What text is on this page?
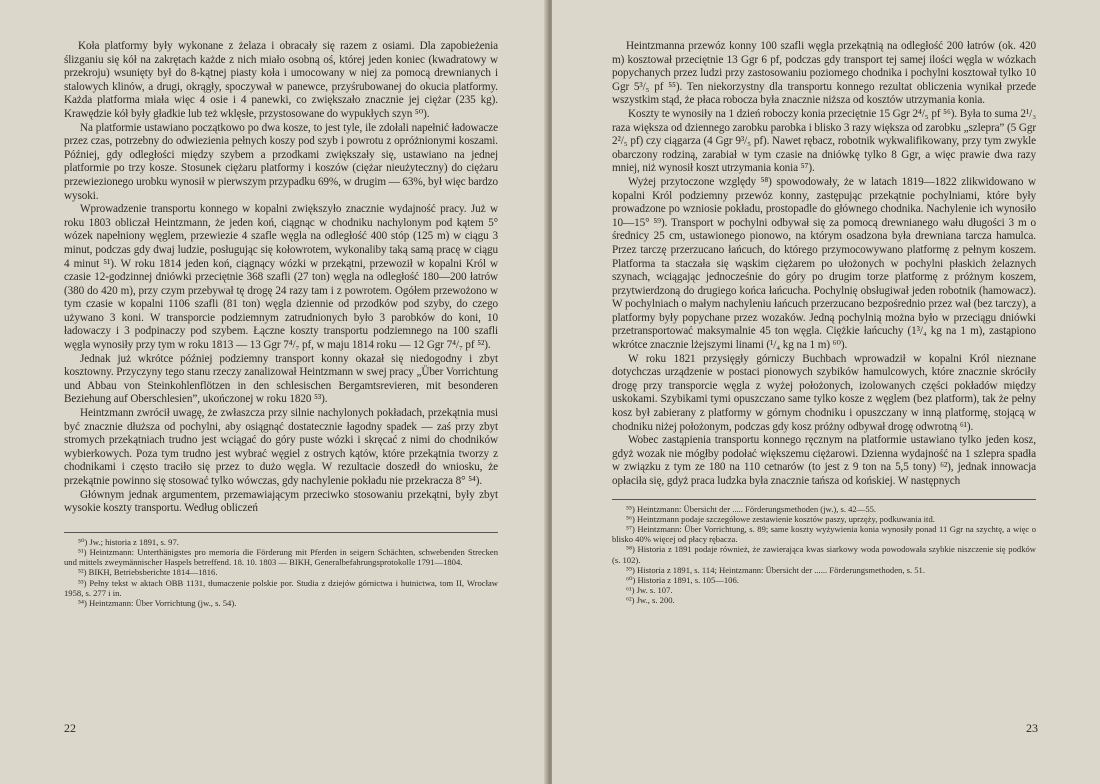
Koła platformy były wykonane z żelaza i obracały się razem z osiami. Dla zapobieżenia ślizganiu się kół na zakrętach każde z nich miało osobną oś, której jeden koniec (kwadratowy w przekroju) wsunięty był do 8-kątnej piasty koła i umocowany w niej za pomocą drewnianych i stalowych klinów, a drugi, okrągły, spoczywał w panewce, przyśrubowanej do okucia platformy. Każda platforma miała więc 4 osie i 4 panewki, co zwiększało znacznie jej ciężar (235 kg). Krawędzie kół były gładkie lub też wklęsłe, przystosowane do wypukłych szyn ⁵⁰).

Na platformie ustawiano początkowo po dwa kosze, to jest tyle, ile zdołali napełnić ładowacze przez czas, potrzebny do odwiezienia pełnych koszy pod szyb i powrotu z opróżnionymi koszami. Później, gdy odległości między szybem a przodkami zwiększały się, ustawiano na jednej platformie po trzy kosze. Stosunek ciężaru platformy i koszów (ciężar nieużyteczny) do ciężaru przewiezionego urobku wynosił w pierwszym przypadku 69%, w drugim — 63%, był więc bardzo wysoki.

Wprowadzenie transportu konnego w kopalni zwiększyło znacznie wydajność pracy. Już w roku 1803 obliczał Heintzmann, że jeden koń, ciągnąc w chodniku nachylonym pod kątem 5° wózek napełniony węglem, przewiezie 4 szafle węgla na odległość 400 stóp (125 m) w ciągu 3 minut, podczas gdy dwaj ludzie, posługując się kołowrotem, wykonaliby taką samą pracę w ciągu 4 minut ⁵¹). W roku 1814 jeden koń, ciągnący wózki w przekątni, przewoził w kopalni Król w czasie 12-godzinnej dniówki przeciętnie 368 szafli (27 ton) węgla na odległość 180—200 łatrów (380 do 420 m), przy czym przebywał tę drogę 24 razy tam i z powrotem. Ogółem przewożono w tym czasie w kopalni 1106 szafli (81 ton) węgla dziennie od przodków pod szyby, do czego używano 3 koni. W transporcie podziemnym zatrudnionych było 3 parobków do koni, 10 ładowaczy i 3 podpinaczy pod szybem. Łączne koszty transportu podziemnego na 100 szafli węgla wynosiły przy tym w roku 1813 — 13 Ggr 7⁴/₇ pf, w maju 1814 roku — 12 Ggr 7⁴/₇ pf ⁵²).

Jednak już wkrótce później podziemny transport konny okazał się niedogodny i zbyt kosztowny. Przyczyny tego stanu rzeczy zanalizował Heintzmann w swej pracy „Über Vorrichtung und Abbau von Steinkohlenflötzen in den schlesischen Bergamtsrevieren, mit besonderen Beziehung auf Oberschlesien”, ukończonej w roku 1820 ⁵³).

Heintzmann zwrócił uwagę, że zwłaszcza przy silnie nachylonych pokładach, przekątnia musi być znacznie dłuższa od pochylni, aby osiągnąć dostatecznie łagodny spadek — zaś przy zbyt stromych przekątniach trudno jest wciągać do góry puste wózki i skręcać z nimi do chodników wybierkowych. Poza tym trudno jest wybrać węgiel z ostrych kątów, które przekątnia tworzy z chodnikami i często traciło się przez to dużo węgla. W rezultacie doszedł do wniosku, że przekątnie powinno się stosować tylko wówczas, gdy nachylenie pokładu nie przekracza 8° ⁵⁴).

Głównym jednak argumentem, przemawiającym przeciwko stosowaniu przekątni, były zbyt wysokie koszty transportu. Według obliczeń

⁵⁰) Jw.; historia z 1891, s. 97.

⁵¹) Heintzmann: Unterthänigstes pro memoria die Förderung mit Pferden in seigern Schächten, schwebenden Strecken und mittels zweymännischer Haspels betreffend. 18. 10. 1803 — BIKH, Generalbefahrungsprotokolle 1791—1804.

⁵²) BIKH, Betriebsberichte 1814—1816.

⁵³) Pełny tekst w aktach OBB 1131, tłumaczenie polskie por. Studia z dziejów górnictwa i hutnictwa, tom II, Wrocław 1958, s. 277 i in.

⁵⁴) Heintzmann: Über Vorrichtung (jw., s. 54).

22

Heintzmanna przewóz konny 100 szafli węgla przekątnią na odległość 200 łatrów (ok. 420 m) kosztował przeciętnie 13 Ggr 6 pf, podczas gdy transport tej samej ilości węgla w wózkach popychanych przez ludzi przy zastosowaniu poziomego chodnika i pochylni kosztował tylko 10 Ggr 5³/₅ pf ⁵⁵). Ten niekorzystny dla transportu konnego rezultat obliczenia wynikał przede wszystkim stąd, że płaca robocza była znacznie niższa od kosztów utrzymania konia.

Koszty te wynosiły na 1 dzień roboczy konia przeciętnie 15 Ggr 2⁴/₅ pf ⁵⁶). Była to suma 2¹/₃ raza większa od dziennego zarobku parobka i blisko 3 razy większa od zarobku „szlepra” (5 Ggr 2²/₅ pf) czy ciągarza (4 Ggr 9³/₅ pf). Nawet rębacz, robotnik wykwalifikowany, przy tym zwykle obarczony rodziną, zarabiał w tym czasie na dniówkę tylko 8 Ggr, a więc prawie dwa razy mniej, niż wynosił koszt utrzymania konia ⁵⁷).

Wyżej przytoczone względy ⁵⁸) spowodowały, że w latach 1819—1822 zlikwidowano w kopalni Król podziemny przewóz konny, zastępując przekątnie pochylniami, które były prowadzone po wzniosie pokładu, prostopadle do głównego chodnika. Nachylenie ich wynosiło 10—15° ⁵⁹). Transport w pochylni odbywał się za pomocą drewnianego wału długości 3 m o średnicy 25 cm, ustawionego pionowo, na którym osadzona była drewniana tarcza hamulca. Przez tarczę przerzucano łańcuch, do którego przymocowywano platformę z pełnym koszem. Platforma ta staczała się wąskim ciężarem po ułożonych w pochylni płaskich żelaznych szynach, wciągając jednocześnie do góry po drugim torze platformę z próżnym koszem, przytwierdzoną do drugiego końca łańcucha. Pochylnię obsługiwał jeden robotnik (hamowacz). W pochylniach o małym nachyleniu łańcuch przerzucano bezpośrednio przez wał (bez tarczy), a platformy były popychane przez wozaków. Jedną pochylnią można było w przeciągu dniówki przetransportować maksymalnie 45 ton węgla. Ciężkie łańcuchy (1³/₄ kg na 1 m), zastąpiono wkrótce znacznie lżejszymi linami (¹/₄ kg na 1 m) ⁶⁰).

W roku 1821 przysięgły górniczy Buchbach wprowadził w kopalni Król nieznane dotychczas urządzenie w postaci pionowych szybików hamulcowych, które znacznie skróciły drogę przy transporcie węgla z wyżej położonych, izolowanych części pokładów między uskokami. Szybikami tymi opuszczano same tylko kosze z węglem (bez platform), tak że pełny kosz był zabierany z platformy w górnym chodniku i opuszczany w inną platformę, stojącą w chodniku niżej położonym, podczas gdy kosz próżny odbywał drogę odwrotną ⁶¹).

Wobec zastąpienia transportu konnego ręcznym na platformie ustawiano tylko jeden kosz, gdyż wozak nie mógłby podołać większemu ciężarowi. Dzienna wydajność na 1 szlepra spadła w związku z tym ze 180 na 110 cetnarów (to jest z 9 ton na 5,5 tony) ⁶²), jednak innowacja opłaciła się, gdyż praca ludzka była znacznie tańsza od końskiej. W następnych

⁵⁵) Heintzmann: Übersicht der ..... Förderungsmethoden (jw.), s. 42—55.

⁵⁶) Heintzmann podaje szczegółowe zestawienie kosztów paszy, uprzęży, podkuwania itd.

⁵⁷) Heintzmann: Über Vorrichtung, s. 89; same koszty wyżywienia konia wynosiły ponad 11 Ggr na szychtę, a więc o blisko 40% więcej od płacy rębacza.

⁵⁸) Historia z 1891 podaje również, że zawierająca kwas siarkowy woda powodowała szybkie niszczenie się podków (s. 102).

⁵⁹) Historia z 1891, s. 114; Heintzmann: Übersicht der ...... Förderungsmethoden, s. 51.

⁶⁰) Historia z 1891, s. 105—106.

⁶¹) Jw. s. 107.

⁶²) Jw., s. 200.

23
